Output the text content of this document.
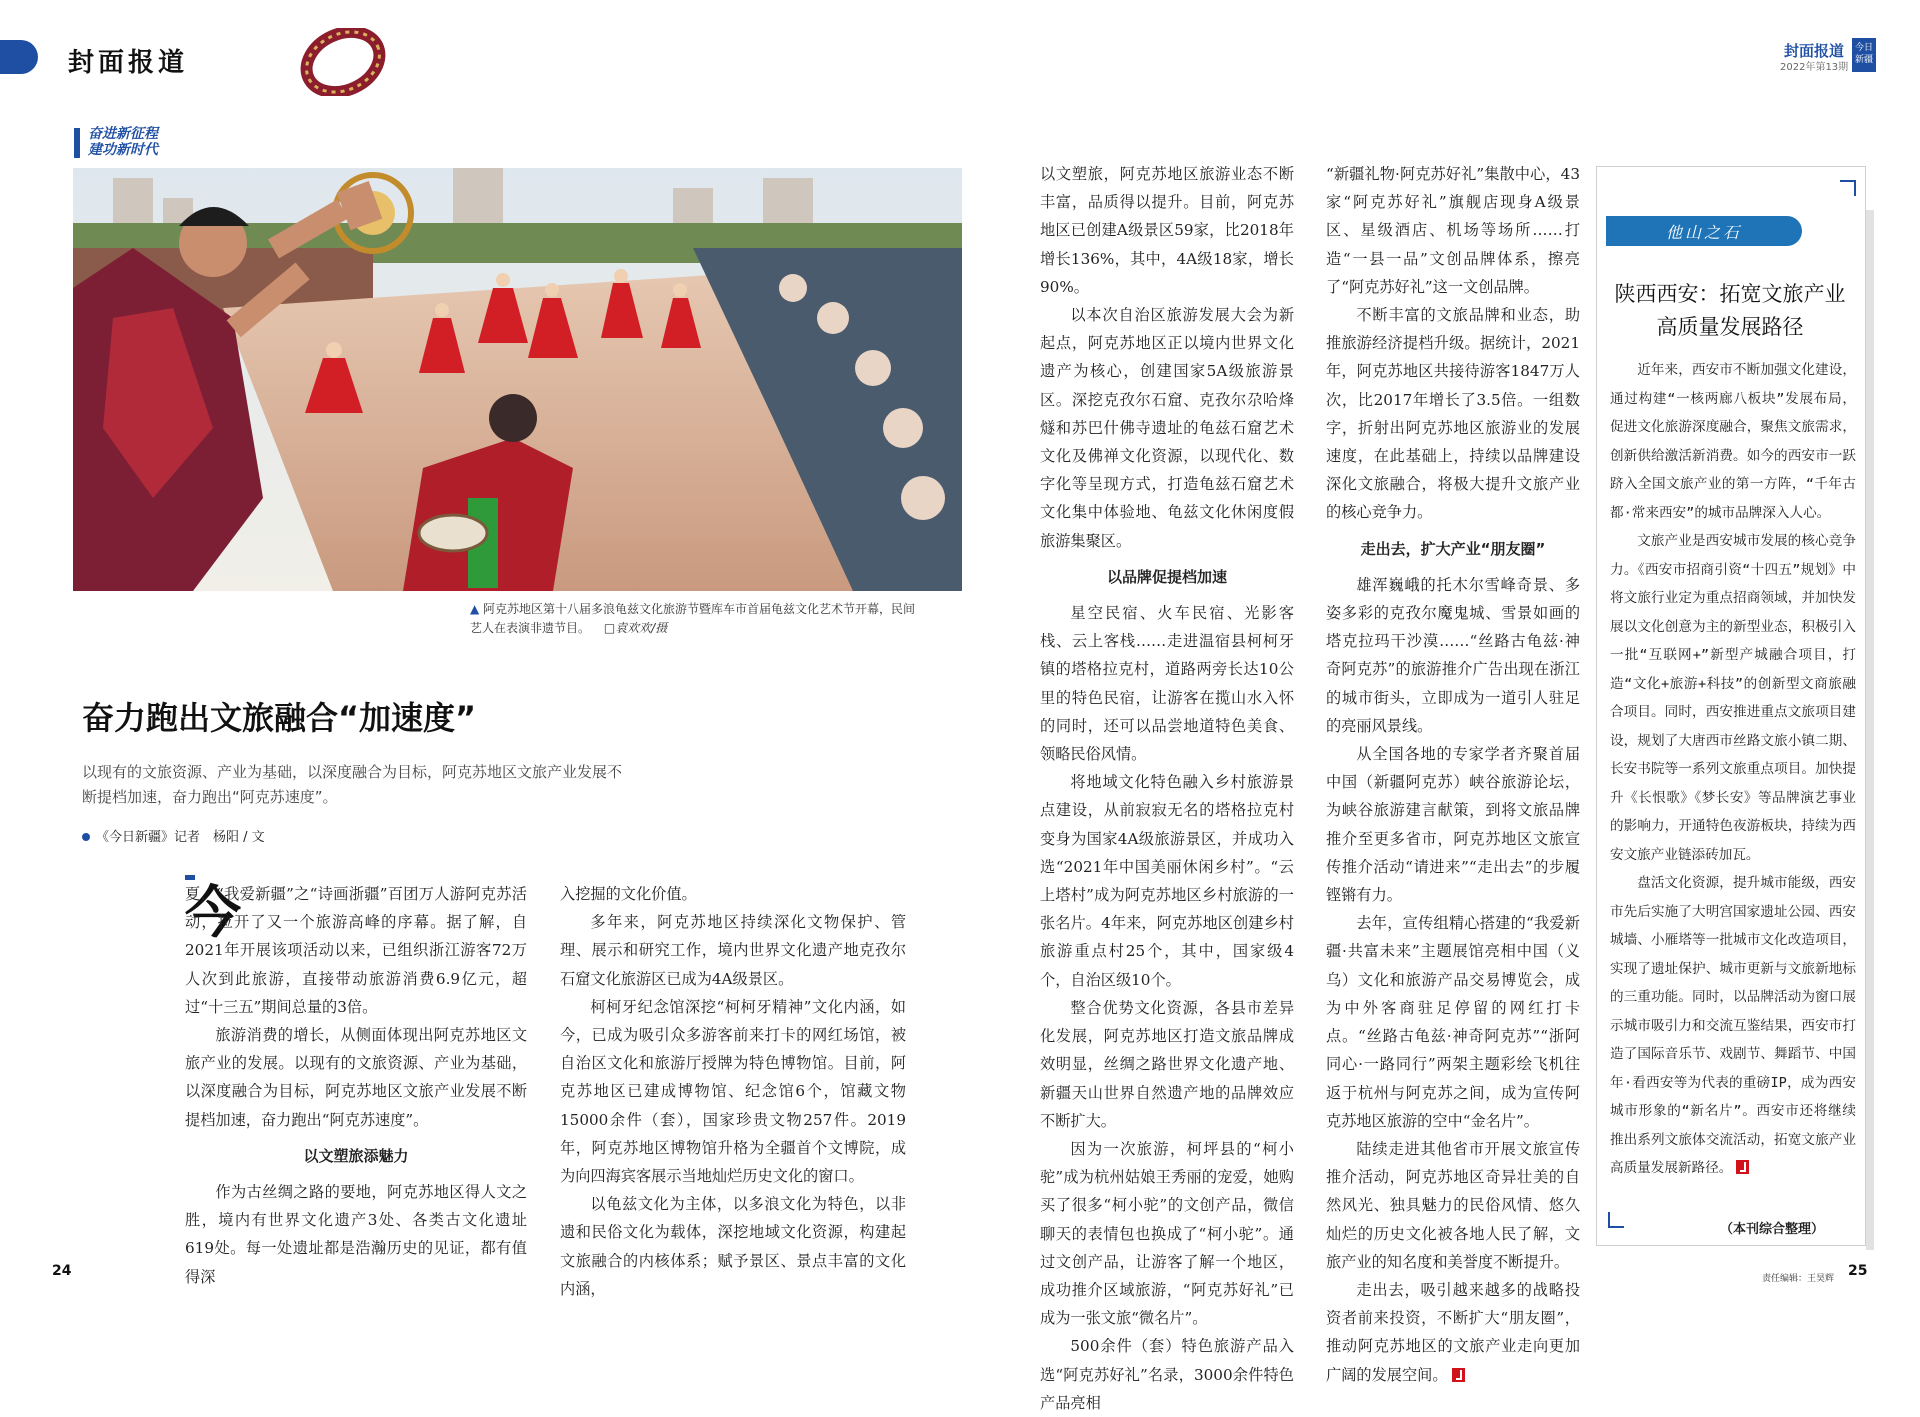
封面报道	封面报道
2022年第13期
今日新疆
奋进新征程
建功新时代
▲ 阿克苏地区第十八届多浪龟兹文化旅游节暨库车市首届龟兹文化艺术节开幕，民间艺人在表演非遗节目。 □袁欢欢/摄
奋力跑出文旅融合“加速度”
以现有的文旅资源、产业为基础，以深度融合为目标，阿克苏地区文旅产业发展不断提档加速，奋力跑出“阿克苏速度”。
《今日新疆》记者　杨阳 / 文
今

夏，“我爱新疆”之“诗画浙疆”百团万人游阿克苏活动，拉开了又一个旅游高峰的序幕。据了解，自2021年开展该项活动以来，已组织浙江游客72万人次到此旅游，直接带动旅游消费6.9亿元，超过“十三五”期间总量的3倍。

旅游消费的增长，从侧面体现出阿克苏地区文旅产业的发展。以现有的文旅资源、产业为基础，以深度融合为目标，阿克苏地区文旅产业发展不断提档加速，奋力跑出“阿克苏速度”。

以文塑旅添魅力

作为古丝绸之路的要地，阿克苏地区得人文之胜，境内有世界文化遗产3处、各类古文化遗址619处。每一处遗址都是浩瀚历史的见证，都有值得深

入挖掘的文化价值。

多年来，阿克苏地区持续深化文物保护、管理、展示和研究工作，境内世界文化遗产地克孜尔石窟文化旅游区已成为4A级景区。

柯柯牙纪念馆深挖“柯柯牙精神”文化内涵，如今，已成为吸引众多游客前来打卡的网红场馆，被自治区文化和旅游厅授牌为特色博物馆。目前，阿克苏地区已建成博物馆、纪念馆6个，馆藏文物15000余件（套），国家珍贵文物257件。2019年，阿克苏地区博物馆升格为全疆首个文博院，成为向四海宾客展示当地灿烂历史文化的窗口。

以龟兹文化为主体，以多浪文化为特色，以非遗和民俗文化为载体，深挖地域文化资源，构建起文旅融合的内核体系；赋予景区、景点丰富的文化内涵，

以文塑旅，阿克苏地区旅游业态不断丰富，品质得以提升。目前，阿克苏地区已创建A级景区59家，比2018年增长136%，其中，4A级18家，增长90%。

以本次自治区旅游发展大会为新起点，阿克苏地区正以境内世界文化遗产为核心，创建国家5A级旅游景区。深挖克孜尔石窟、克孜尔尕哈烽燧和苏巴什佛寺遗址的龟兹石窟艺术文化及佛禅文化资源，以现代化、数字化等呈现方式，打造龟兹石窟艺术文化集中体验地、龟兹文化休闲度假旅游集聚区。

以品牌促提档加速

星空民宿、火车民宿、光影客栈、云上客栈……走进温宿县柯柯牙镇的塔格拉克村，道路两旁长达10公里的特色民宿，让游客在揽山水入怀的同时，还可以品尝地道特色美食、领略民俗风情。

将地域文化特色融入乡村旅游景点建设，从前寂寂无名的塔格拉克村变身为国家4A级旅游景区，并成功入选“2021年中国美丽休闲乡村”。“云上塔村”成为阿克苏地区乡村旅游的一张名片。4年来，阿克苏地区创建乡村旅游重点村25个，其中，国家级4个，自治区级10个。

整合优势文化资源，各县市差异化发展，阿克苏地区打造文旅品牌成效明显，丝绸之路世界文化遗产地、新疆天山世界自然遗产地的品牌效应不断扩大。

因为一次旅游，柯坪县的“柯小驼”成为杭州姑娘王秀丽的宠爱，她购买了很多“柯小驼”的文创产品，微信聊天的表情包也换成了“柯小驼”。通过文创产品，让游客了解一个地区，成功推介区域旅游，“阿克苏好礼”已成为一张文旅“微名片”。

500余件（套）特色旅游产品入选“阿克苏好礼”名录，3000余件特色产品亮相

“新疆礼物·阿克苏好礼”集散中心，43家“阿克苏好礼”旗舰店现身A级景区、星级酒店、机场等场所……打造“一县一品”文创品牌体系，擦亮了“阿克苏好礼”这一文创品牌。

不断丰富的文旅品牌和业态，助推旅游经济提档升级。据统计，2021年，阿克苏地区共接待游客1847万人次，比2017年增长了3.5倍。一组数字，折射出阿克苏地区旅游业的发展速度，在此基础上，持续以品牌建设深化文旅融合，将极大提升文旅产业的核心竞争力。

走出去，扩大产业“朋友圈”

雄浑巍峨的托木尔雪峰奇景、多姿多彩的克孜尔魔鬼城、雪景如画的塔克拉玛干沙漠……“丝路古龟兹·神奇阿克苏”的旅游推介广告出现在浙江的城市街头，立即成为一道引人驻足的亮丽风景线。

从全国各地的专家学者齐聚首届中国（新疆阿克苏）峡谷旅游论坛，为峡谷旅游建言献策，到将文旅品牌推介至更多省市，阿克苏地区文旅宣传推介活动“请进来”“走出去”的步履铿锵有力。

去年，宣传组精心搭建的“我爱新疆·共富未来”主题展馆亮相中国（义乌）文化和旅游产品交易博览会，成为中外客商驻足停留的网红打卡点。“丝路古龟兹·神奇阿克苏”“浙阿同心·一路同行”两架主题彩绘飞机往返于杭州与阿克苏之间，成为宣传阿克苏地区旅游的空中“金名片”。

陆续走进其他省市开展文旅宣传推介活动，阿克苏地区奇异壮美的自然风光、独具魅力的民俗风情、悠久灿烂的历史文化被各地人民了解，文旅产业的知名度和美誉度不断提升。

走出去，吸引越来越多的战略投资者前来投资，不断扩大“朋友圈”，推动阿克苏地区的文旅产业走向更加广阔的发展空间。

他山之石
陕西西安：拓宽文旅产业高质量发展路径

近年来，西安市不断加强文化建设，通过构建“一核两廊八板块”发展布局，促进文化旅游深度融合，聚焦文旅需求，创新供给激活新消费。如今的西安市一跃跻入全国文旅产业的第一方阵，“千年古都·常来西安”的城市品牌深入人心。

文旅产业是西安城市发展的核心竞争力。《西安市招商引资“十四五”规划》中将文旅行业定为重点招商领域，并加快发展以文化创意为主的新型业态，积极引入一批“互联网+”新型产城融合项目，打造“文化+旅游+科技”的创新型文商旅融合项目。同时，西安推进重点文旅项目建设，规划了大唐西市丝路文旅小镇二期、长安书院等一系列文旅重点项目。加快提升《长恨歌》《梦长安》等品牌演艺事业的影响力，开通特色夜游板块，持续为西安文旅产业链添砖加瓦。

盘活文化资源，提升城市能级，西安市先后实施了大明宫国家遗址公园、西安城墙、小雁塔等一批城市文化改造项目，实现了遗址保护、城市更新与文旅新地标的三重功能。同时，以品牌活动为窗口展示城市吸引力和交流互鉴结果，西安市打造了国际音乐节、戏剧节、舞蹈节、中国年·看西安等为代表的重磅IP，成为西安城市形象的“新名片”。西安市还将继续推出系列文旅体交流活动，拓宽文旅产业高质量发展新路径。

（本刊综合整理）
24	25
责任编辑：王昊辉
